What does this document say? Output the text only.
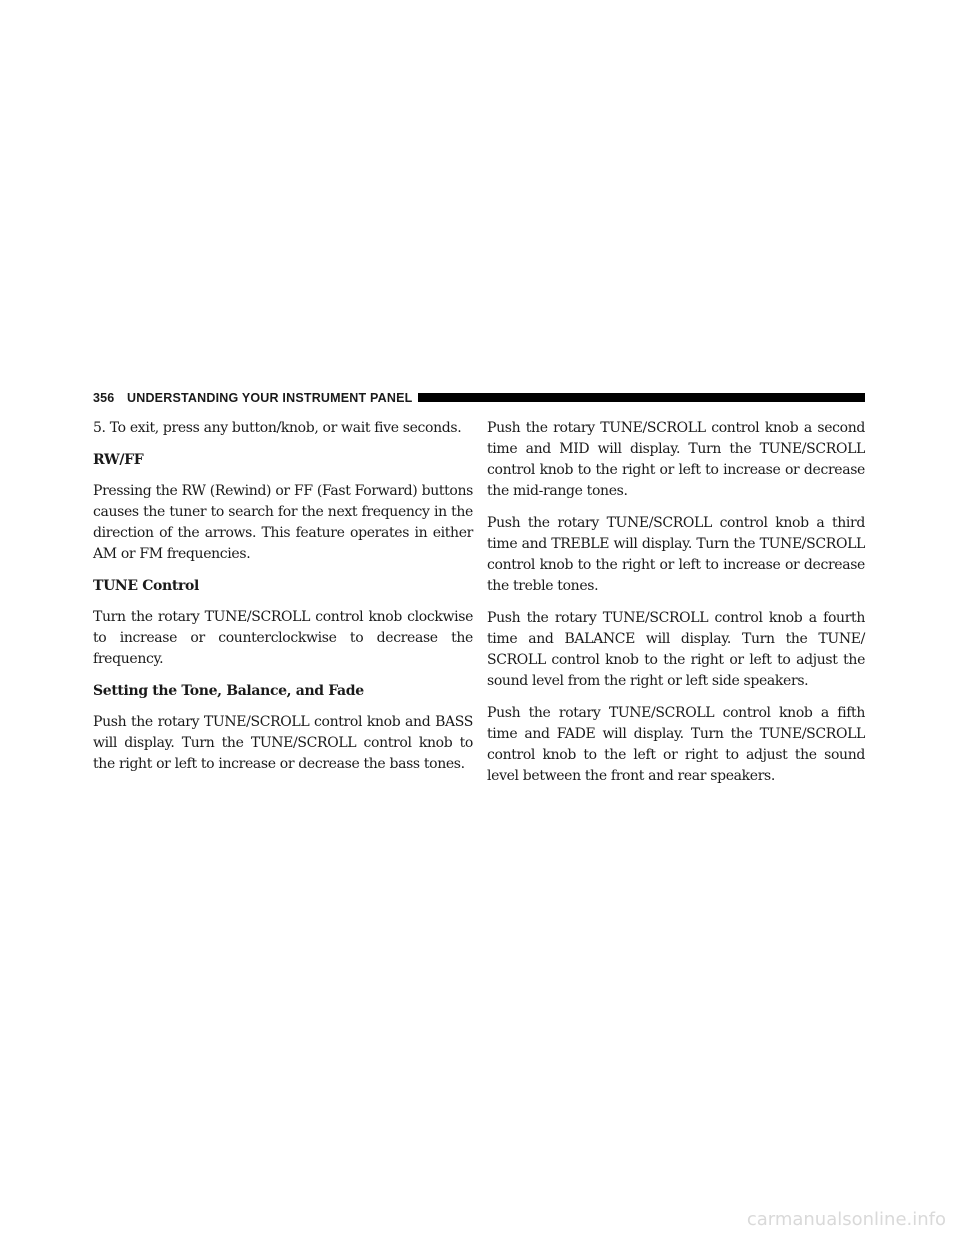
356 UNDERSTANDING YOUR INSTRUMENT PANEL

5. To exit, press any button/knob, or wait five seconds.

RW/FF

Pressing the RW (Rewind) or FF (Fast Forward) buttons causes the tuner to search for the next frequency in the direction of the arrows. This feature operates in either AM or FM frequencies.

TUNE Control

Turn the rotary TUNE/SCROLL control knob clockwise to increase or counterclockwise to decrease the frequency.

Setting the Tone, Balance, and Fade

Push the rotary TUNE/SCROLL control knob and BASS will display. Turn the TUNE/SCROLL control knob to the right or left to increase or decrease the bass tones.

Push the rotary TUNE/SCROLL control knob a second time and MID will display. Turn the TUNE/SCROLL control knob to the right or left to increase or decrease the mid-range tones.

Push the rotary TUNE/SCROLL control knob a third time and TREBLE will display. Turn the TUNE/SCROLL control knob to the right or left to increase or decrease the treble tones.

Push the rotary TUNE/SCROLL control knob a fourth time and BALANCE will display. Turn the TUNE/ SCROLL control knob to the right or left to adjust the sound level from the right or left side speakers.

Push the rotary TUNE/SCROLL control knob a fifth time and FADE will display. Turn the TUNE/SCROLL control knob to the left or right to adjust the sound level between the front and rear speakers.

carmanualsonline.info
